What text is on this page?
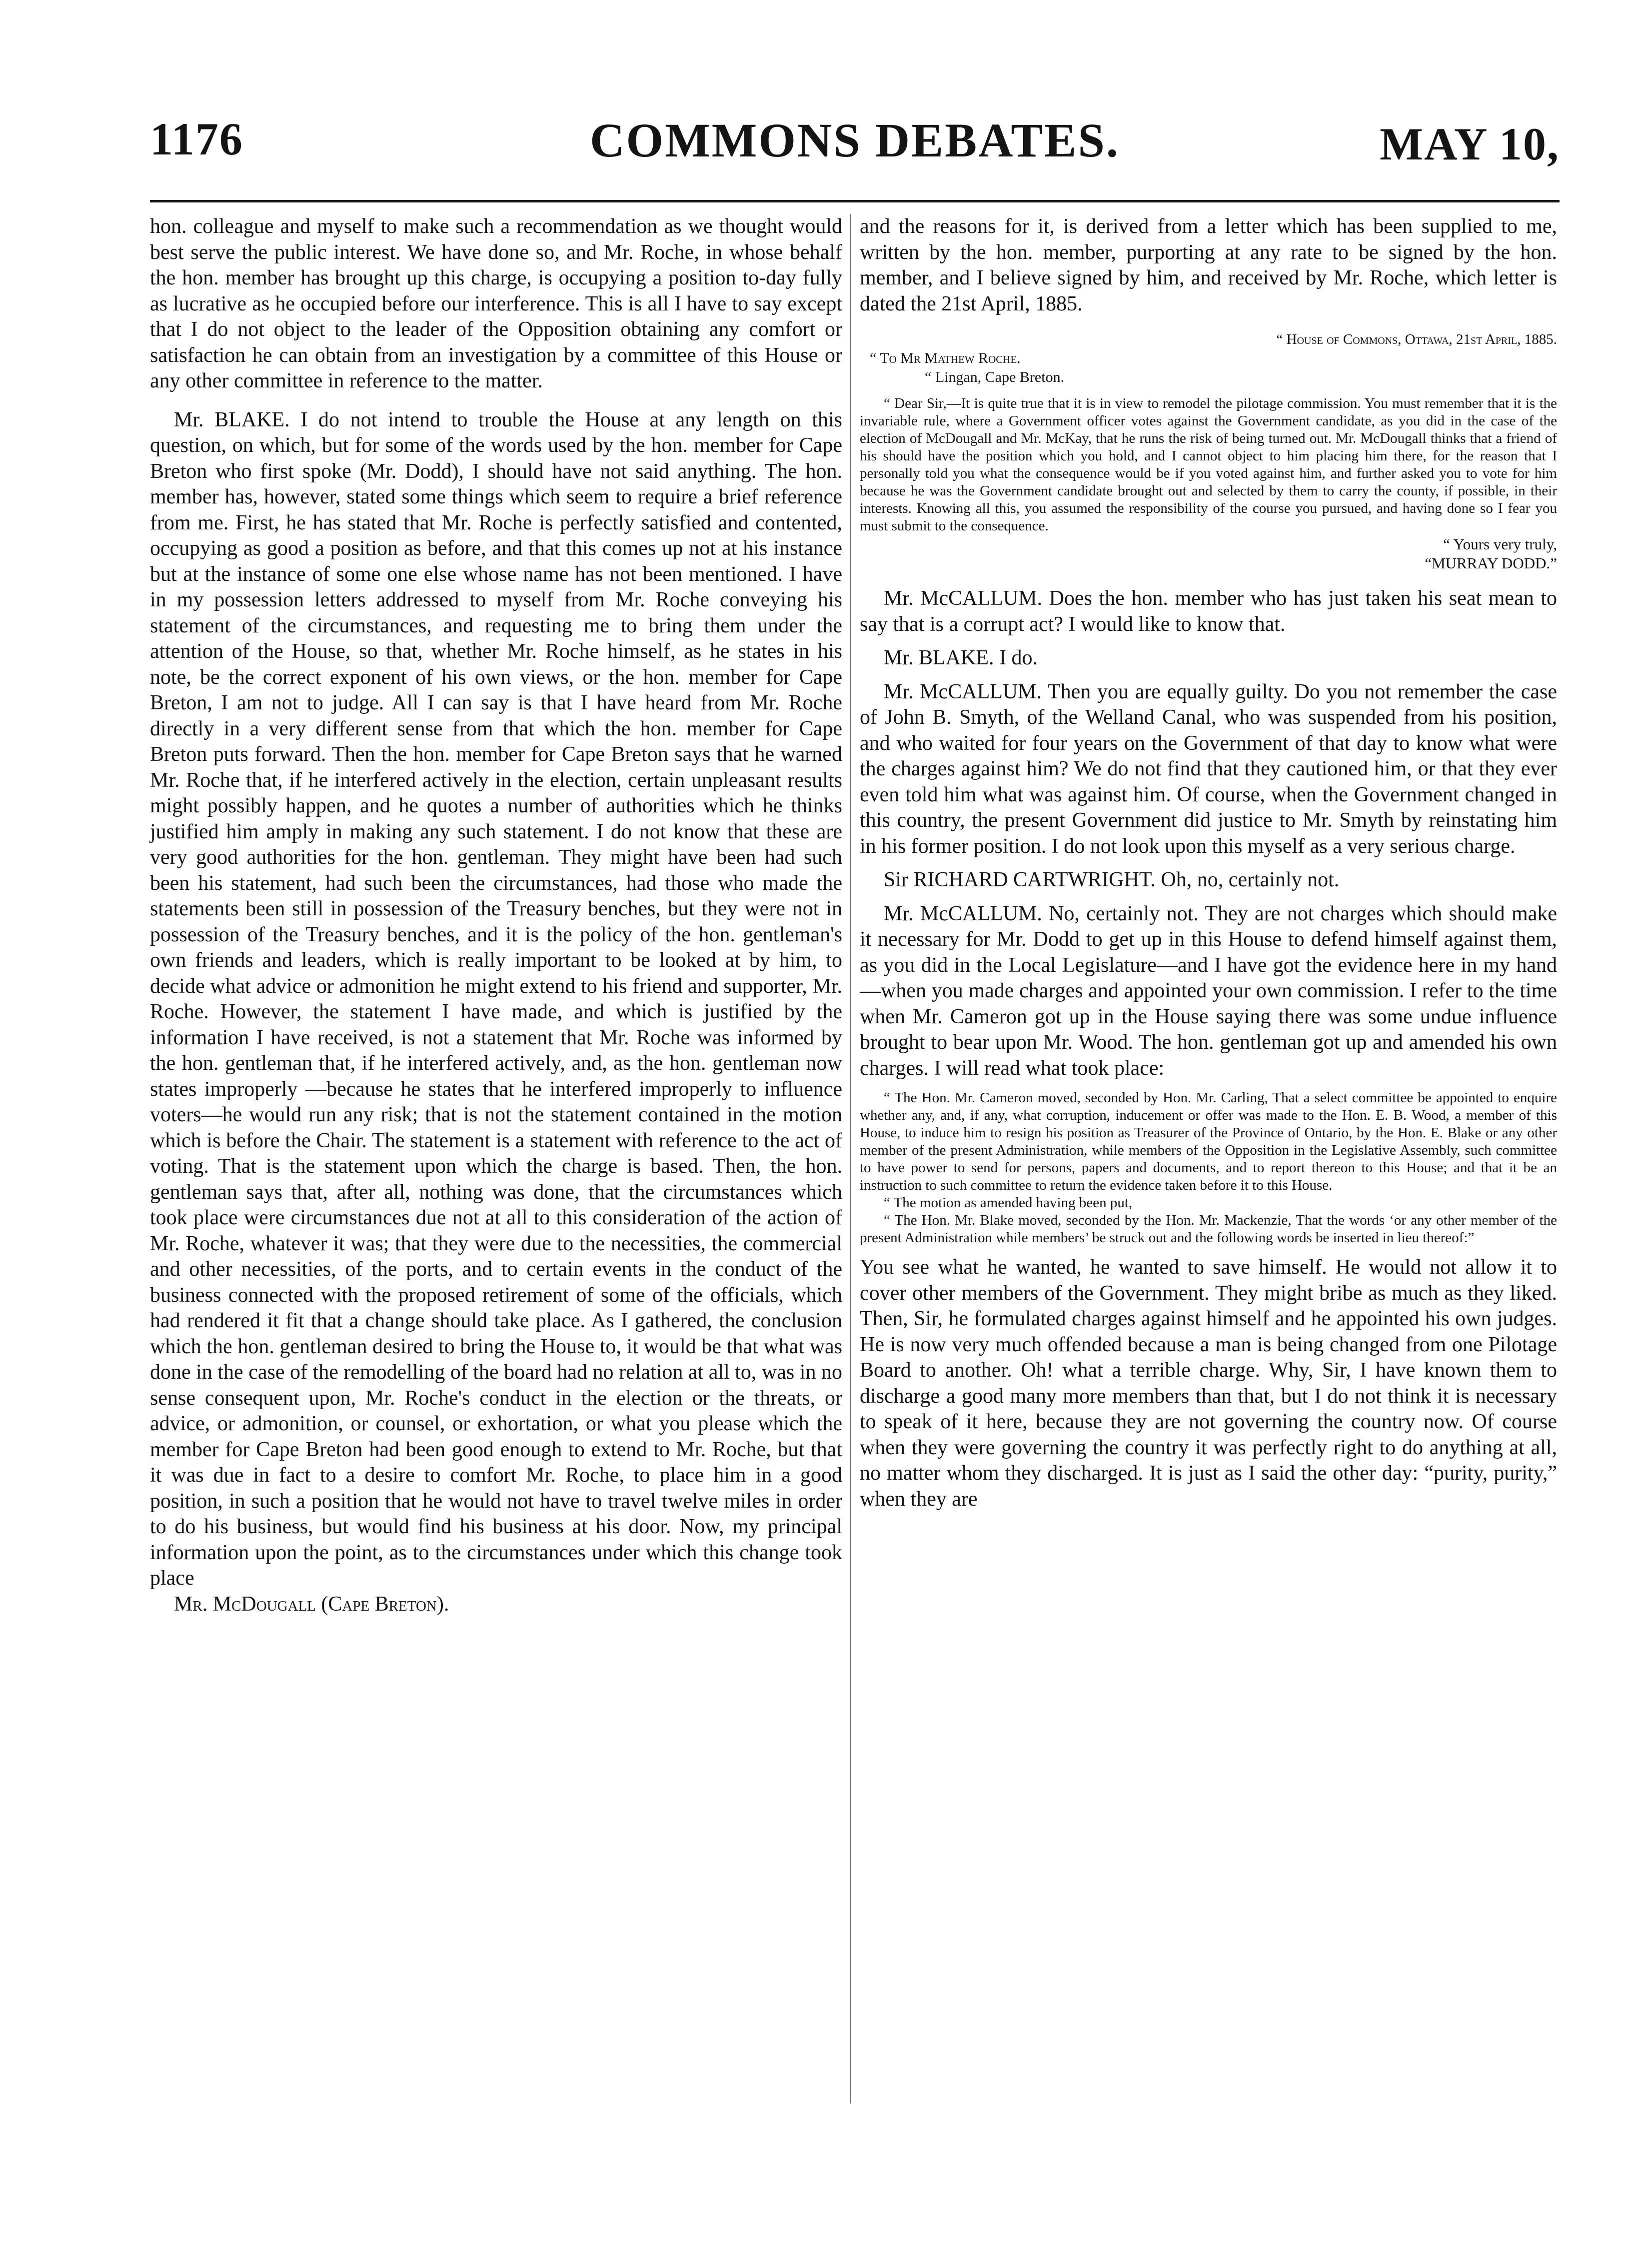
1176	COMMONS DEBATES.	MAY 10,

hon. colleague and myself to make such a recommendation as we thought would best serve the public interest. We have done so, and Mr. Roche, in whose behalf the hon. member has brought up this charge, is occupying a position to-day fully as lucrative as he occupied before our interference. This is all I have to say except that I do not object to the leader of the Opposition obtaining any comfort or satisfaction he can obtain from an investigation by a committee of this House or any other committee in reference to the matter.

Mr. BLAKE. I do not intend to trouble the House at any length on this question, on which, but for some of the words used by the hon. member for Cape Breton who first spoke (Mr. Dodd), I should have not said anything. The hon. member has, however, stated some things which seem to require a brief reference from me. First, he has stated that Mr. Roche is perfectly satisfied and contented, occupying as good a position as before, and that this comes up not at his instance but at the instance of some one else whose name has not been mentioned. I have in my possession letters addressed to myself from Mr. Roche conveying his statement of the circumstances, and requesting me to bring them under the attention of the House, so that, whether Mr. Roche himself, as he states in his note, be the correct exponent of his own views, or the hon. member for Cape Breton, I am not to judge. All I can say is that I have heard from Mr. Roche directly in a very different sense from that which the hon. member for Cape Breton puts forward. Then the hon. member for Cape Breton says that he warned Mr. Roche that, if he interfered actively in the election, certain unpleasant results might possibly happen, and he quotes a number of authorities which he thinks justified him amply in making any such statement. I do not know that these are very good authorities for the hon. gentleman. They might have been had such been his statement, had such been the circumstances, had those who made the statements been still in possession of the Treasury benches, but they were not in possession of the Treasury benches, and it is the policy of the hon. gentleman's own friends and leaders, which is really important to be looked at by him, to decide what advice or admonition he might extend to his friend and supporter, Mr. Roche. However, the statement I have made, and which is justified by the information I have received, is not a statement that Mr. Roche was informed by the hon. gentleman that, if he interfered actively, and, as the hon. gentleman now states improperly —because he states that he interfered improperly to influence voters—he would run any risk; that is not the statement contained in the motion which is before the Chair. The statement is a statement with reference to the act of voting. That is the statement upon which the charge is based. Then, the hon. gentleman says that, after all, nothing was done, that the circumstances which took place were circumstances due not at all to this consideration of the action of Mr. Roche, whatever it was; that they were due to the necessities, the commercial and other necessities, of the ports, and to certain events in the conduct of the business connected with the proposed retirement of some of the officials, which had rendered it fit that a change should take place. As I gathered, the conclusion which the hon. gentleman desired to bring the House to, it would be that what was done in the case of the remodelling of the board had no relation at all to, was in no sense consequent upon, Mr. Roche's conduct in the election or the threats, or advice, or admonition, or counsel, or exhortation, or what you please which the member for Cape Breton had been good enough to extend to Mr. Roche, but that it was due in fact to a desire to comfort Mr. Roche, to place him in a good position, in such a position that he would not have to travel twelve miles in order to do his business, but would find his business at his door. Now, my principal information upon the point, as to the circumstances under which this change took place

Mr. McDougall (Cape Breton).

and the reasons for it, is derived from a letter which has been supplied to me, written by the hon. member, purporting at any rate to be signed by the hon. member, and I believe signed by him, and received by Mr. Roche, which letter is dated the 21st April, 1885.

“ House of Commons, Ottawa, 21st April, 1885.

“ To Mr Mathew Roche.

“ Lingan, Cape Breton.

“ Dear Sir,—It is quite true that it is in view to remodel the pilotage commission. You must remember that it is the invariable rule, where a Government officer votes against the Government candidate, as you did in the case of the election of McDougall and Mr. McKay, that he runs the risk of being turned out. Mr. McDougall thinks that a friend of his should have the position which you hold, and I cannot object to him placing him there, for the reason that I personally told you what the consequence would be if you voted against him, and further asked you to vote for him because he was the Government candidate brought out and selected by them to carry the county, if possible, in their interests. Knowing all this, you assumed the responsibility of the course you pursued, and having done so I fear you must submit to the consequence.

“ Yours very truly,

“MURRAY DODD.”

Mr. McCALLUM. Does the hon. member who has just taken his seat mean to say that is a corrupt act? I would like to know that.

Mr. BLAKE. I do.

Mr. McCALLUM. Then you are equally guilty. Do you not remember the case of John B. Smyth, of the Welland Canal, who was suspended from his position, and who waited for four years on the Government of that day to know what were the charges against him? We do not find that they cautioned him, or that they ever even told him what was against him. Of course, when the Government changed in this country, the present Government did justice to Mr. Smyth by reinstating him in his former position. I do not look upon this myself as a very serious charge.

Sir RICHARD CARTWRIGHT. Oh, no, certainly not.

Mr. McCALLUM. No, certainly not. They are not charges which should make it necessary for Mr. Dodd to get up in this House to defend himself against them, as you did in the Local Legislature—and I have got the evidence here in my hand—when you made charges and appointed your own commission. I refer to the time when Mr. Cameron got up in the House saying there was some undue influence brought to bear upon Mr. Wood. The hon. gentleman got up and amended his own charges. I will read what took place:

“ The Hon. Mr. Cameron moved, seconded by Hon. Mr. Carling, That a select committee be appointed to enquire whether any, and, if any, what corruption, inducement or offer was made to the Hon. E. B. Wood, a member of this House, to induce him to resign his position as Treasurer of the Province of Ontario, by the Hon. E. Blake or any other member of the present Administration, while members of the Opposition in the Legislative Assembly, such committee to have power to send for persons, papers and documents, and to report thereon to this House; and that it be an instruction to such committee to return the evidence taken before it to this House.

“ The motion as amended having been put,

“ The Hon. Mr. Blake moved, seconded by the Hon. Mr. Mackenzie, That the words ‘or any other member of the present Administration while members’ be struck out and the following words be inserted in lieu thereof:”

You see what he wanted, he wanted to save himself. He would not allow it to cover other members of the Government. They might bribe as much as they liked. Then, Sir, he formulated charges against himself and he appointed his own judges. He is now very much offended because a man is being changed from one Pilotage Board to another. Oh! what a terrible charge. Why, Sir, I have known them to discharge a good many more members than that, but I do not think it is necessary to speak of it here, because they are not governing the country now. Of course when they were governing the country it was perfectly right to do anything at all, no matter whom they discharged. It is just as I said the other day: “purity, purity,” when they are
